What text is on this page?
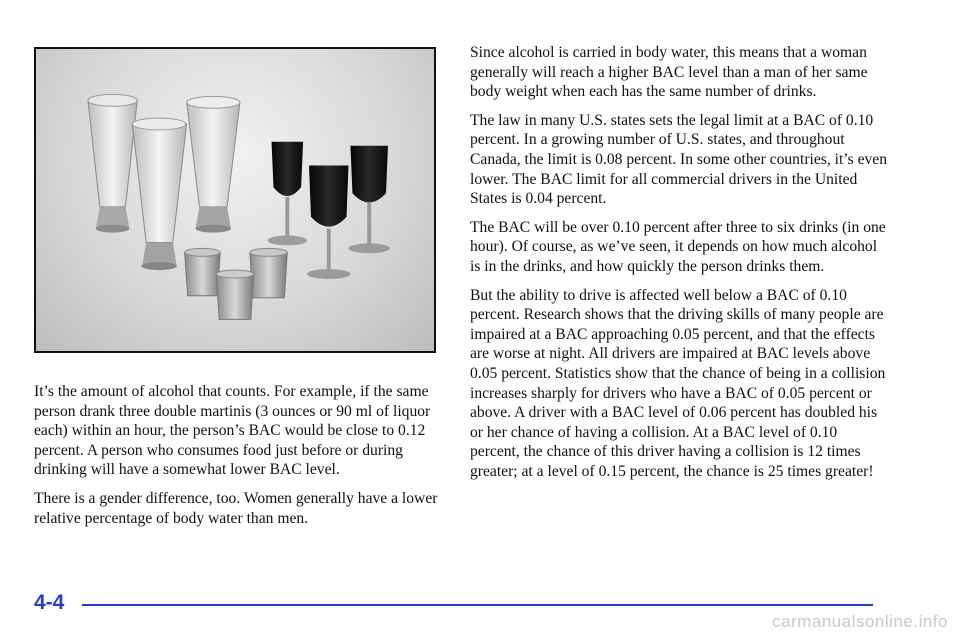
It’s the amount of alcohol that counts. For example, if the same person drank three double martinis (3 ounces or 90 ml of liquor each) within an hour, the person’s BAC would be close to 0.12 percent. A person who consumes food just before or during drinking will have a somewhat lower BAC level.

There is a gender difference, too. Women generally have a lower relative percentage of body water than men.

Since alcohol is carried in body water, this means that a woman generally will reach a higher BAC level than a man of her same body weight when each has the same number of drinks.

The law in many U.S. states sets the legal limit at a BAC of 0.10 percent. In a growing number of U.S. states, and throughout Canada, the limit is 0.08 percent. In some other countries, it’s even lower. The BAC limit for all commercial drivers in the United States is 0.04 percent.

The BAC will be over 0.10 percent after three to six drinks (in one hour). Of course, as we’ve seen, it depends on how much alcohol is in the drinks, and how quickly the person drinks them.

But the ability to drive is affected well below a BAC of 0.10 percent. Research shows that the driving skills of many people are impaired at a BAC approaching 0.05 percent, and that the effects are worse at night. All drivers are impaired at BAC levels above 0.05 percent. Statistics show that the chance of being in a collision increases sharply for drivers who have a BAC of 0.05 percent or above. A driver with a BAC level of 0.06 percent has doubled his or her chance of having a collision. At a BAC level of 0.10 percent, the chance of this driver having a collision is 12 times greater; at a level of 0.15 percent, the chance is 25 times greater!

4-4
carmanualsonline.info
